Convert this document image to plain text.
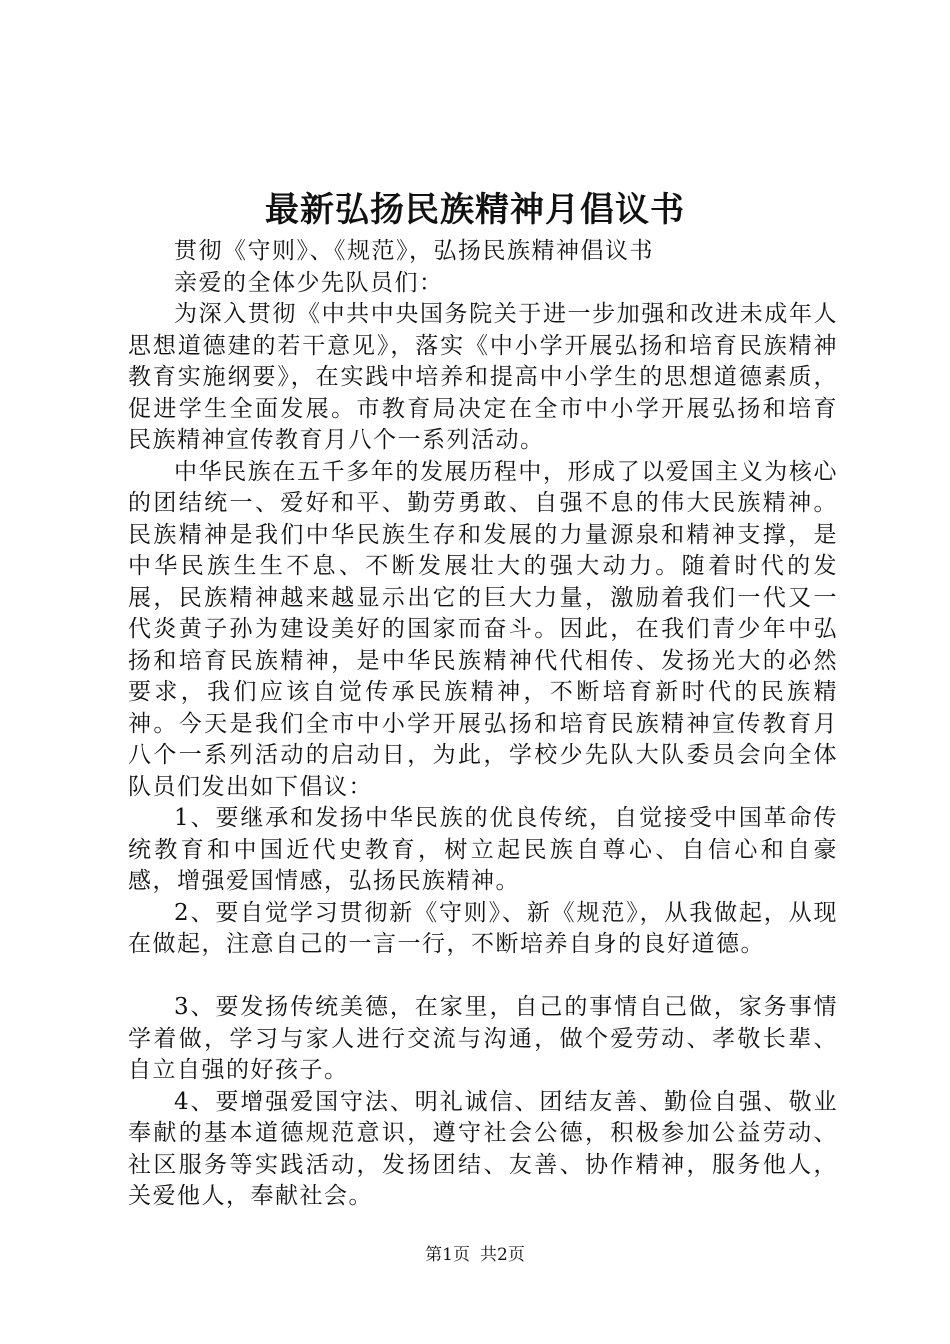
最新弘扬民族精神月倡议书

贯彻《守则》、《规范》，弘扬民族精神倡议书

亲爱的全体少先队员们：

为深入贯彻《中共中央国务院关于进一步加强和改进未成年人思想道德建的若干意见》，落实《中小学开展弘扬和培育民族精神教育实施纲要》，在实践中培养和提高中小学生的思想道德素质，促进学生全面发展。市教育局决定在全市中小学开展弘扬和培育民族精神宣传教育月八个一系列活动。

中华民族在五千多年的发展历程中，形成了以爱国主义为核心的团结统一、爱好和平、勤劳勇敢、自强不息的伟大民族精神。民族精神是我们中华民族生存和发展的力量源泉和精神支撑，是中华民族生生不息、不断发展壮大的强大动力。随着时代的发展，民族精神越来越显示出它的巨大力量，激励着我们一代又一代炎黄子孙为建设美好的国家而奋斗。因此，在我们青少年中弘扬和培育民族精神，是中华民族精神代代相传、发扬光大的必然要求，我们应该自觉传承民族精神，不断培育新时代的民族精神。今天是我们全市中小学开展弘扬和培育民族精神宣传教育月八个一系列活动的启动日，为此，学校少先队大队委员会向全体队员们发出如下倡议：

1、要继承和发扬中华民族的优良传统，自觉接受中国革命传统教育和中国近代史教育，树立起民族自尊心、自信心和自豪感，增强爱国情感，弘扬民族精神。

2、要自觉学习贯彻新《守则》、新《规范》，从我做起，从现在做起，注意自己的一言一行，不断培养自身的良好道德。

3、要发扬传统美德，在家里，自己的事情自己做，家务事情学着做，学习与家人进行交流与沟通，做个爱劳动、孝敬长辈、自立自强的好孩子。

4、要增强爱国守法、明礼诚信、团结友善、勤俭自强、敬业奉献的基本道德规范意识，遵守社会公德，积极参加公益劳动、社区服务等实践活动，发扬团结、友善、协作精神，服务他人，关爱他人，奉献社会。

第1页 共2页
